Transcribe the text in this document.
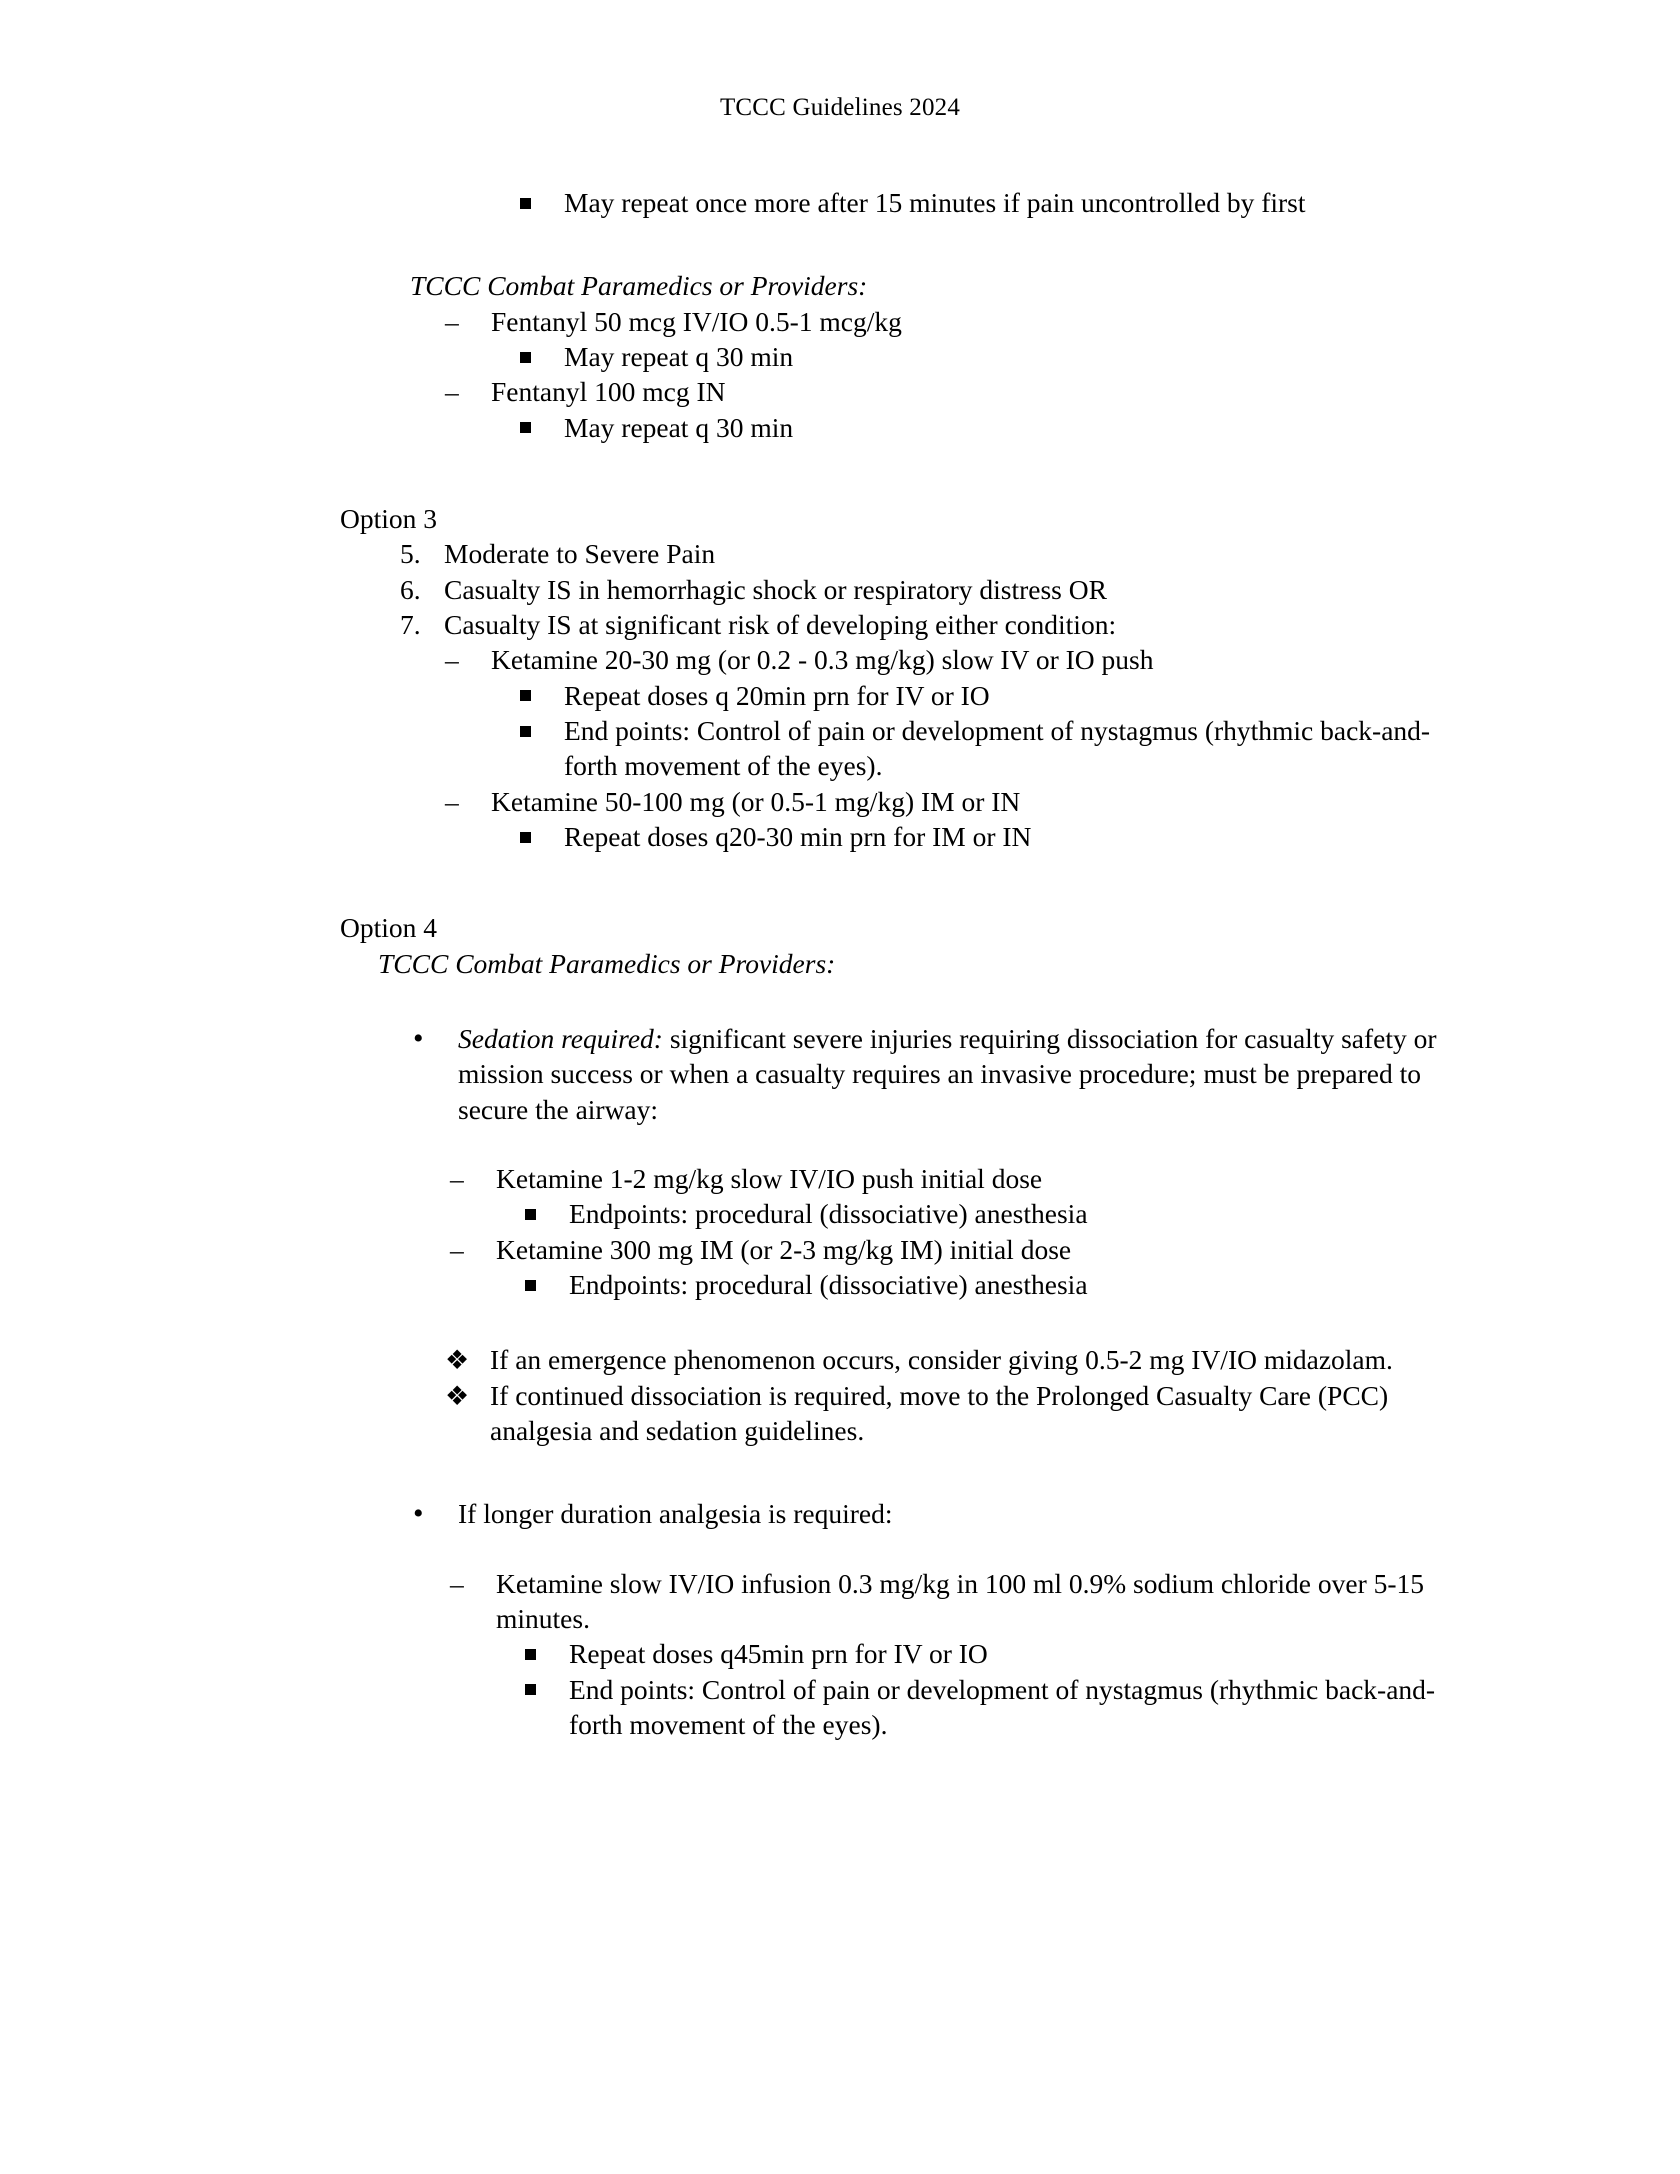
TCCC Guidelines 2024
May repeat once more after 15 minutes if pain uncontrolled by first
TCCC Combat Paramedics or Providers:
–	Fentanyl 50 mcg IV/IO 0.5-1 mcg/kg
May repeat q 30 min
–	Fentanyl 100 mcg IN
May repeat q 30 min
Option 3
5. Moderate to Severe Pain
6. Casualty IS in hemorrhagic shock or respiratory distress OR
7. Casualty IS at significant risk of developing either condition:
–	Ketamine 20-30 mg (or 0.2 - 0.3 mg/kg) slow IV or IO push
Repeat doses q 20min prn for IV or IO
End points: Control of pain or development of nystagmus (rhythmic back-and-forth movement of the eyes).
–	Ketamine 50-100 mg (or 0.5-1 mg/kg) IM or IN
Repeat doses q20-30 min prn for IM or IN
Option 4
TCCC Combat Paramedics or Providers:
•	Sedation required: significant severe injuries requiring dissociation for casualty safety or mission success or when a casualty requires an invasive procedure; must be prepared to secure the airway:
–	Ketamine 1-2 mg/kg slow IV/IO push initial dose
Endpoints: procedural (dissociative) anesthesia
–	Ketamine 300 mg IM (or 2-3 mg/kg IM) initial dose
Endpoints: procedural (dissociative) anesthesia
❖ If an emergence phenomenon occurs, consider giving 0.5-2 mg IV/IO midazolam.
❖ If continued dissociation is required, move to the Prolonged Casualty Care (PCC) analgesia and sedation guidelines.
•	If longer duration analgesia is required:
–	Ketamine slow IV/IO infusion 0.3 mg/kg in 100 ml 0.9% sodium chloride over 5-15 minutes.
Repeat doses q45min prn for IV or IO
End points: Control of pain or development of nystagmus (rhythmic back-and-forth movement of the eyes).
